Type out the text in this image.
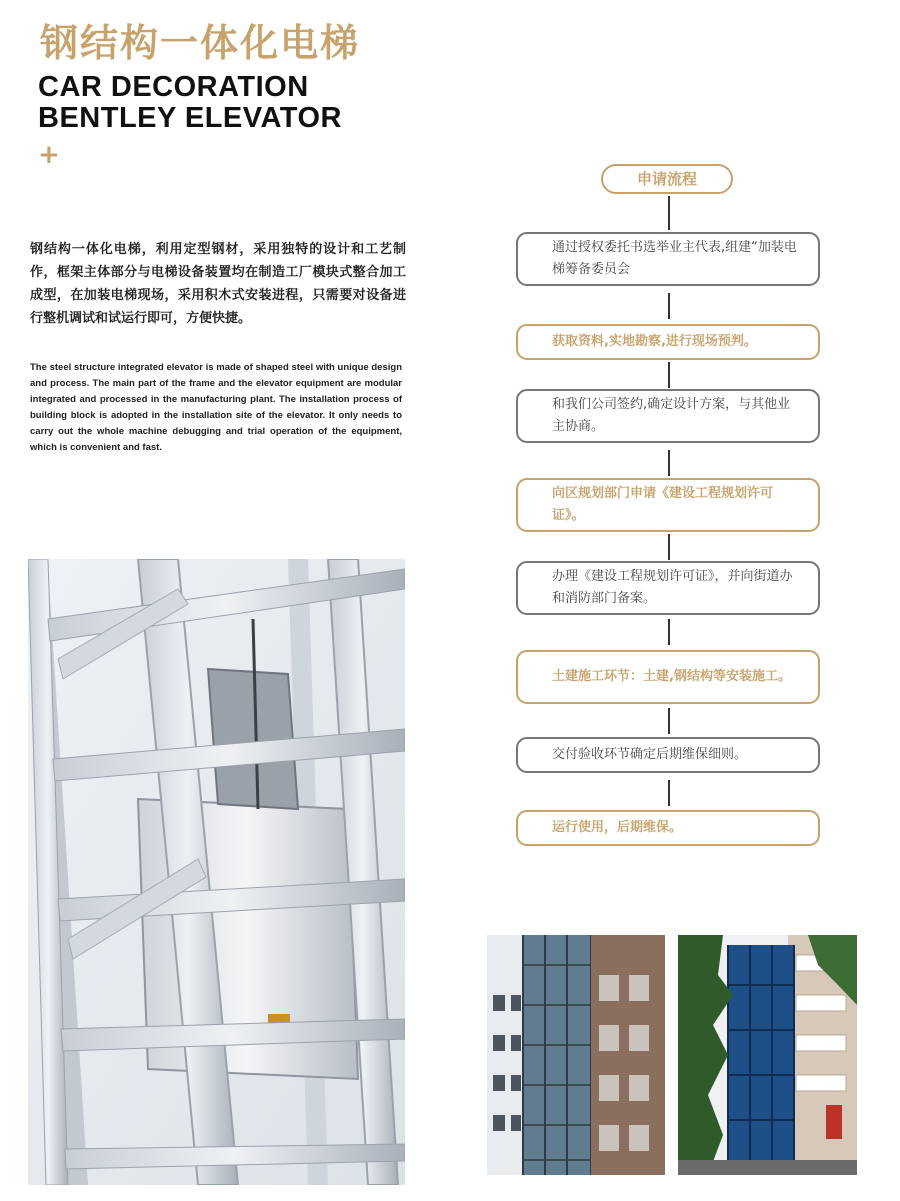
钢结构一体化电梯
CAR DECORATION
BENTLEY ELEVATOR
+

钢结构一体化电梯，利用定型钢材，采用独特的设计和工艺制作，框架主体部分与电梯设备装置均在制造工厂模块式整合加工成型，在加装电梯现场，采用积木式安装进程，只需要对设备进行整机调试和试运行即可，方便快捷。

The steel structure integrated elevator is made of shaped steel with unique design and process. The main part of the frame and the elevator equipment are modular integrated and processed in the manufacturing plant. The installation process of building block is adopted in the installation site of the elevator. It only needs to carry out the whole machine debugging and trial operation of the equipment, which is convenient and fast.

申请流程
通过授权委托书选举业主代表,组建“加装电梯筹备委员会
获取资料,实地勘察,进行现场预判。
和我们公司签约,确定设计方案，与其他业主协商。
向区规划部门申请《建设工程规划许可证》。
办理《建设工程规划许可证》，并向街道办和消防部门备案。
土建施工环节：土建,钢结构等安装施工。
交付验收环节确定后期维保细则。
运行使用，后期维保。
